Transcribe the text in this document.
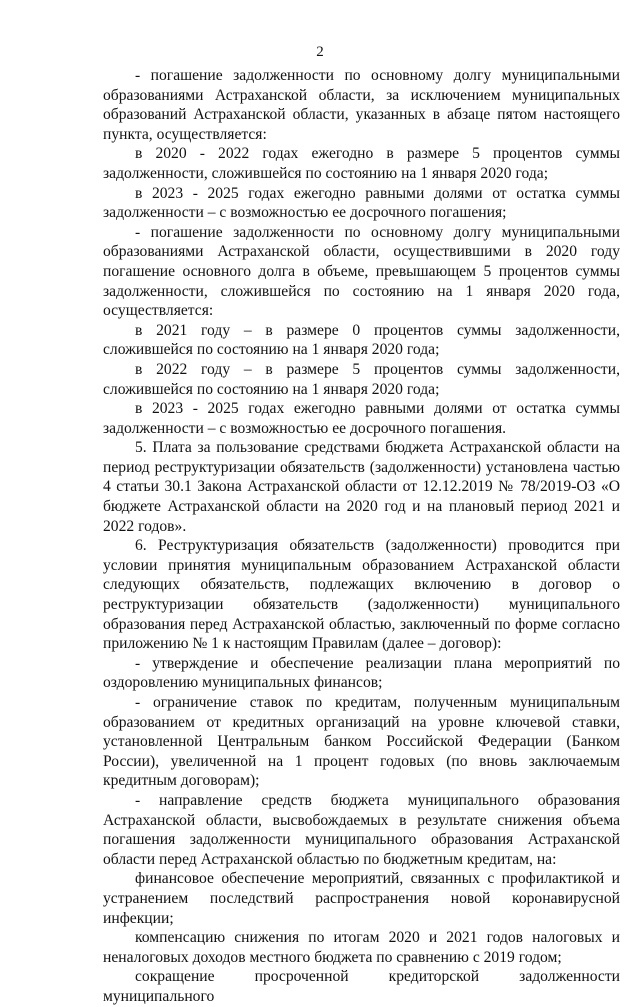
2

- погашение задолженности по основному долгу муниципальными образованиями Астраханской области, за исключением муниципальных образований Астраханской области, указанных в абзаце пятом настоящего пункта, осуществляется:

в 2020 - 2022 годах ежегодно в размере 5 процентов суммы задолженности, сложившейся по состоянию на 1 января 2020 года;

в 2023 - 2025 годах ежегодно равными долями от остатка суммы задолженности – с возможностью ее досрочного погашения;

- погашение задолженности по основному долгу муниципальными образованиями Астраханской области, осуществившими в 2020 году погашение основного долга в объеме, превышающем 5 процентов суммы задолженности, сложившейся по состоянию на 1 января 2020 года, осуществляется:

в 2021 году – в размере 0 процентов суммы задолженности, сложившейся по состоянию на 1 января 2020 года;

в 2022 году – в размере 5 процентов суммы задолженности, сложившейся по состоянию на 1 января 2020 года;

в 2023 - 2025 годах ежегодно равными долями от остатка суммы задолженности – с возможностью ее досрочного погашения.

5. Плата за пользование средствами бюджета Астраханской области на период реструктуризации обязательств (задолженности) установлена частью 4 статьи 30.1 Закона Астраханской области от 12.12.2019 № 78/2019-ОЗ «О бюджете Астраханской области на 2020 год и на плановый период 2021 и 2022 годов».

6. Реструктуризация обязательств (задолженности) проводится при условии принятия муниципальным образованием Астраханской области следующих обязательств, подлежащих включению в договор о реструктуризации обязательств (задолженности) муниципального образования перед Астраханской областью, заключенный по форме согласно приложению № 1 к настоящим Правилам (далее – договор):

- утверждение и обеспечение реализации плана мероприятий по оздоровлению муниципальных финансов;

- ограничение ставок по кредитам, полученным муниципальным образованием от кредитных организаций на уровне ключевой ставки, установленной Центральным банком Российской Федерации (Банком России), увеличенной на 1 процент годовых (по вновь заключаемым кредитным договорам);

- направление средств бюджета муниципального образования Астраханской области, высвобождаемых в результате снижения объема погашения задолженности муниципального образования Астраханской области перед Астраханской областью по бюджетным кредитам, на:

финансовое обеспечение мероприятий, связанных с профилактикой и устранением последствий распространения новой коронавирусной инфекции;

компенсацию снижения по итогам 2020 и 2021 годов налоговых и неналоговых доходов местного бюджета по сравнению с 2019 годом;

сокращение просроченной кредиторской задолженности муниципального
